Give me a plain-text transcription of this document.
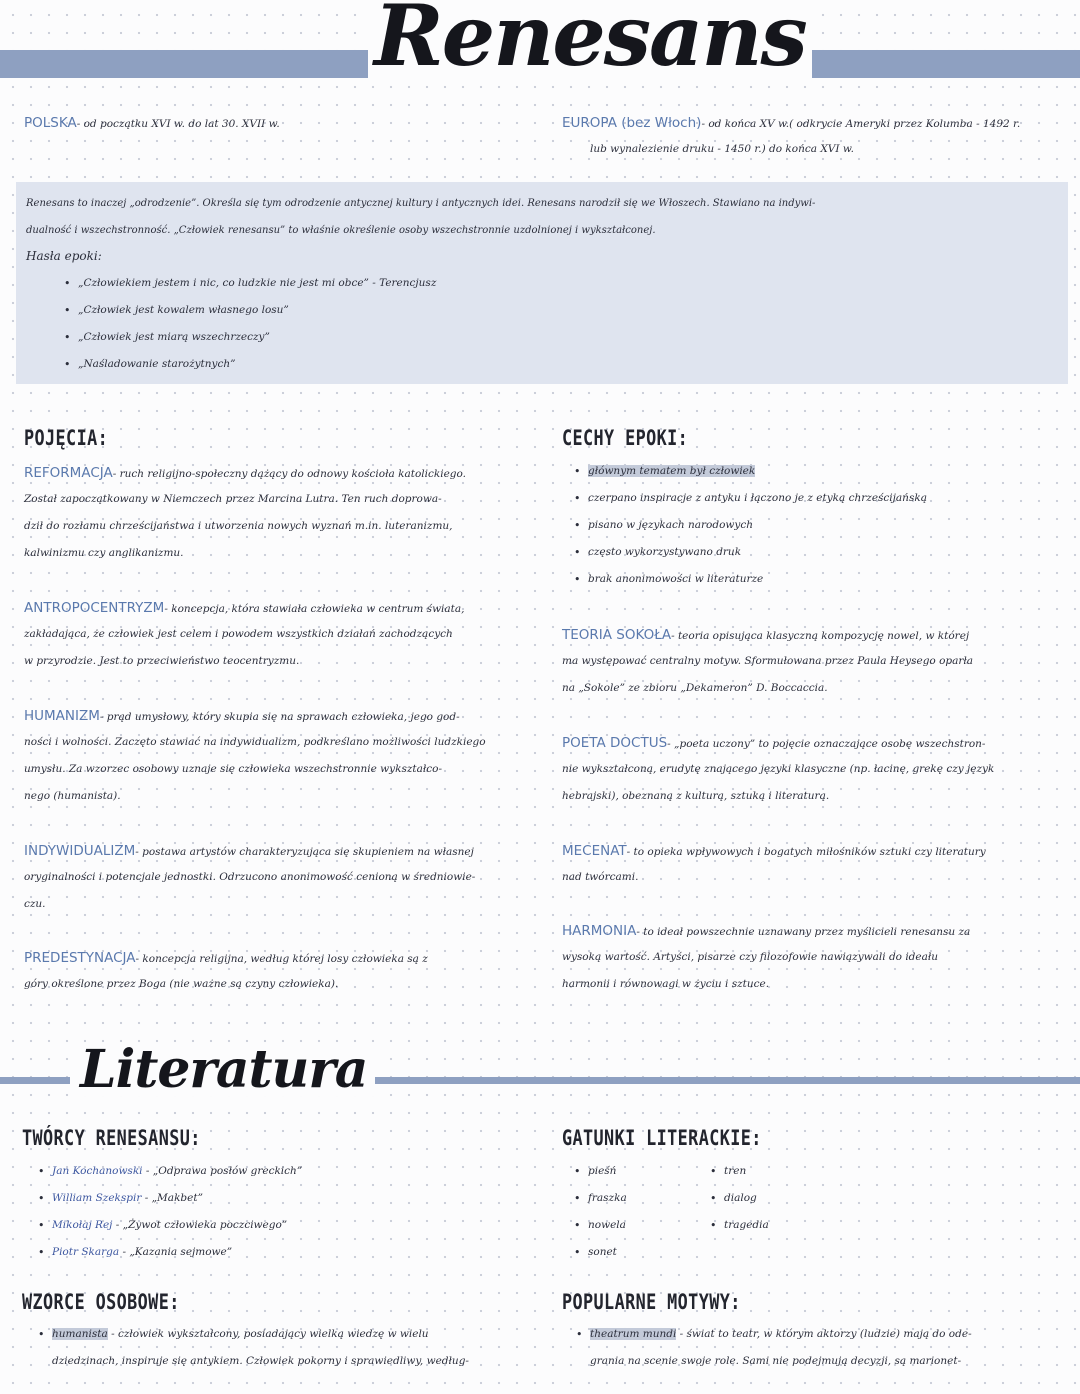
Renesans
POLSKA- od początku XVI w. do lat 30. XVII w.	EUROPA (bez Włoch)- od końca XV w.( odkrycie Ameryki przez Kolumba - 1492 r.
lub wynalezienie druku - 1450 r.) do końca XVI w.
Renesans to inaczej „odrodzenie”. Określa się tym odrodzenie antycznej kultury i antycznych idei. Renesans narodził się we Włoszech. Stawiano na indywi-
dualność i wszechstronność. „Człowiek renesansu” to właśnie określenie osoby wszechstronnie uzdolnionej i wykształconej.
Hasła epoki:
• „Człowiekiem jestem i nic, co ludzkie nie jest mi obce” - Terencjusz
• „Człowiek jest kowalem własnego losu”
• „Człowiek jest miarą wszechrzeczy”
• „Naśladowanie starożytnych”
POJĘCIA:
REFORMACJA- ruch religijno-społeczny dążący do odnowy kościoła katolickiego.
Został zapoczątkowany w Niemczech przez Marcina Lutra. Ten ruch doprowa-
dził do rozłamu chrześcijaństwa i utworzenia nowych wyznań m.in. luteranizmu,
kalwinizmu czy anglikanizmu.
ANTROPOCENTRYZM- koncepcja, która stawiała człowieka w centrum świata,
zakładająca, że człowiek jest celem i powodem wszystkich działań zachodzących
w przyrodzie. Jest to przeciwieństwo teocentryzmu.
HUMANIZM- prąd umysłowy, który skupia się na sprawach człowieka, jego god-
ności i wolności. Zaczęto stawiać na indywidualizm, podkreślano możliwości ludzkiego
umysłu. Za wzorzec osobowy uznaje się człowieka wszechstronnie wykształco-
nego (humanista).
INDYWIDUALIZM- postawa artystów charakteryzująca się skupieniem na własnej
oryginalności i potencjale jednostki. Odrzucono anonimowość cenioną w średniowie-
czu.
PREDESTYNACJA- koncepcja religijna, według której losy człowieka są z
góry określone przez Boga (nie ważne są czyny człowieka).
CECHY EPOKI:
• głównym tematem był człowiek
• czerpano inspiracje z antyku i łączono je z etyką chrześcijańską
• pisano w językach narodowych
• często wykorzystywano druk
• brak anonimowości w literaturze
TEORIA SOKOŁA- teoria opisująca klasyczną kompozycję nowel, w której
ma występować centralny motyw. Sformułowana przez Paula Heysego oparła
na „Sokole” ze zbioru „Dekameron” D. Boccaccia.
POETA DOCTUS- „poeta uczony” to pojęcie oznaczające osobę wszechstron-
nie wykształconą, erudytę znającego języki klasyczne (np. łacinę, grekę czy język
hebrajski), obeznaną z kulturą, sztuką i literaturą.
MECENAT- to opieka wpływowych i bogatych miłośników sztuki czy literatury
nad twórcami.
HARMONIA- to ideał powszechnie uznawany przez myślicieli renesansu za
wysoką wartość. Artyści, pisarze czy filozofowie nawiązywali do ideału
harmonii i równowagi w życiu i sztuce.
Literatura
TWÓRCY RENESANSU:
• Jan Kochanowski - „Odprawa posłów greckich”
• William Szekspir - „Makbet”
• Mikołaj Rej - „Żywot człowieka poczciwego”
• Piotr Skarga - „Kazania sejmowe”
GATUNKI LITERACKIE:
• pieśń
• fraszka
• nowela
• sonet
• tren
• dialog
• tragedia
WZORCE OSOBOWE:
• humanista - człowiek wykształcony, posiadający wielką wiedzę w wielu
dziedzinach, inspiruje się antykiem. Człowiek pokorny i sprawiedliwy, według-
POPULARNE MOTYWY:
• theatrum mundi - świat to teatr, w którym aktorzy (ludzie) mają do ode-
grania na scenie swoje role. Sami nie podejmują decyzji, są marionet-
